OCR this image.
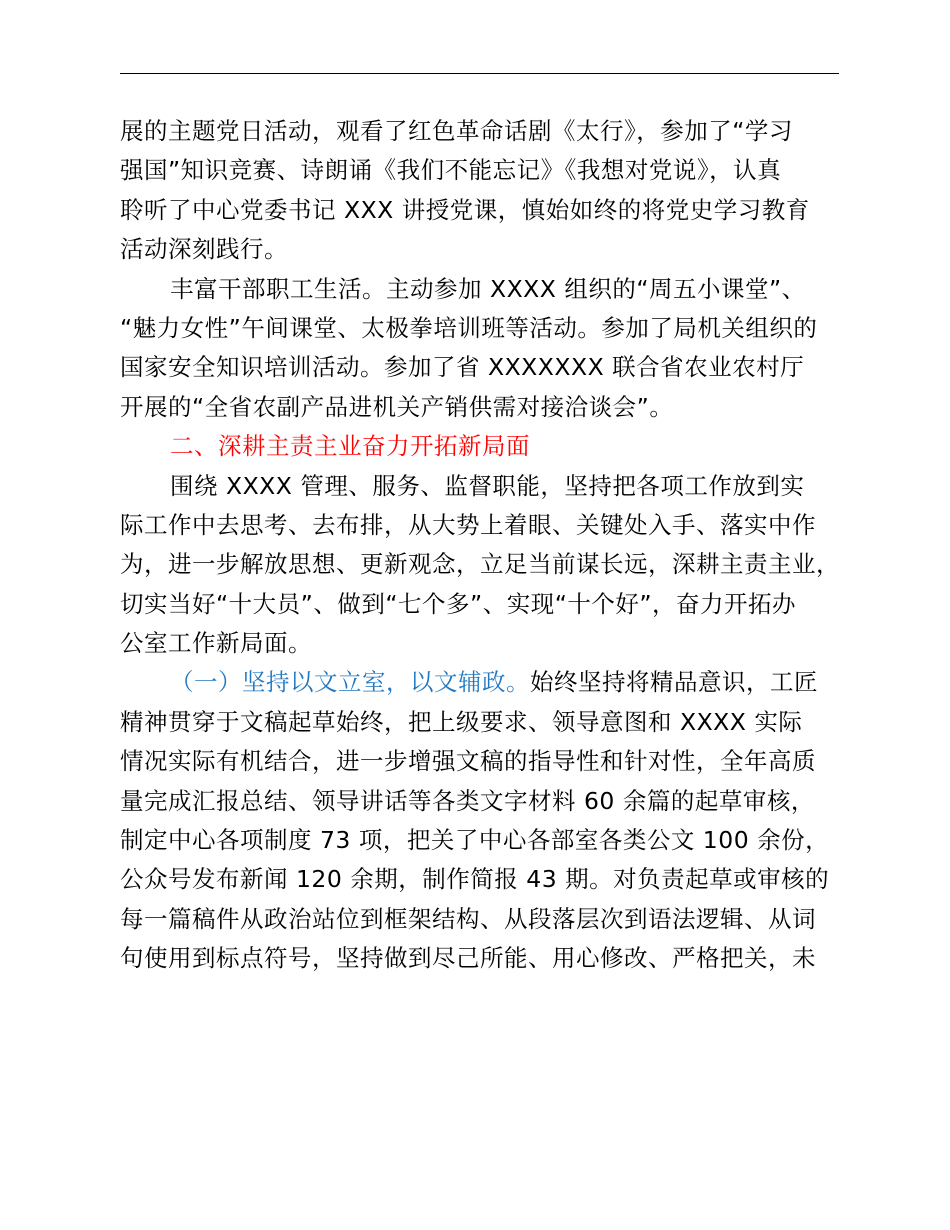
展的主题党日活动，观看了红色革命话剧《太行》，参加了“学习
强国”知识竞赛、诗朗诵《我们不能忘记》《我想对党说》，认真
聆听了中心党委书记 XXX 讲授党课，慎始如终的将党史学习教育
活动深刻践行。
丰富干部职工生活。主动参加 XXXX 组织的“周五小课堂”、
“魅力女性”午间课堂、太极拳培训班等活动。参加了局机关组织的
国家安全知识培训活动。参加了省 XXXXXXX 联合省农业农村厅
开展的“全省农副产品进机关产销供需对接洽谈会”。
二、深耕主责主业奋力开拓新局面
围绕 XXXX 管理、服务、监督职能，坚持把各项工作放到实
际工作中去思考、去布排，从大势上着眼、关键处入手、落实中作
为，进一步解放思想、更新观念，立足当前谋长远，深耕主责主业，
切实当好“十大员”、做到“七个多”、实现“十个好”，奋力开拓办
公室工作新局面。
（一）坚持以文立室，以文辅政。始终坚持将精品意识，工匠
精神贯穿于文稿起草始终，把上级要求、领导意图和 XXXX 实际
情况实际有机结合，进一步增强文稿的指导性和针对性，全年高质
量完成汇报总结、领导讲话等各类文字材料 60 余篇的起草审核，
制定中心各项制度 73 项，把关了中心各部室各类公文 100 余份，
公众号发布新闻 120 余期，制作简报 43 期。对负责起草或审核的
每一篇稿件从政治站位到框架结构、从段落层次到语法逻辑、从词
句使用到标点符号，坚持做到尽己所能、用心修改、严格把关，未
